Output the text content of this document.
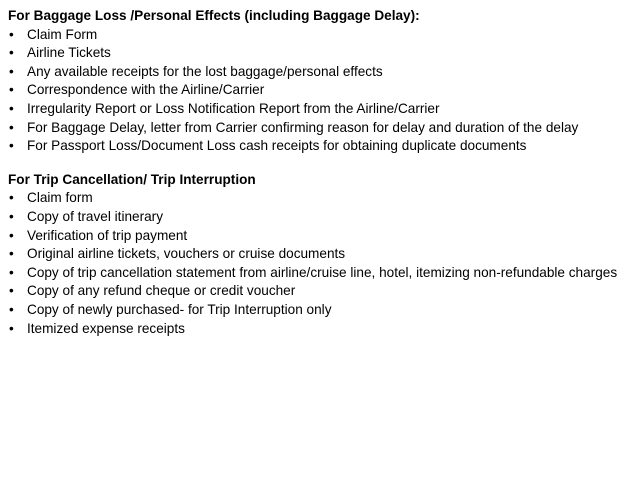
For Baggage Loss /Personal Effects (including Baggage Delay):
• Claim Form
• Airline Tickets
• Any available receipts for the lost baggage/personal effects
• Correspondence with the Airline/Carrier
• Irregularity Report or Loss Notification Report from the Airline/Carrier
• For Baggage Delay, letter from Carrier confirming reason for delay and duration of the delay
• For Passport Loss/Document Loss cash receipts for obtaining duplicate documents
For Trip Cancellation/ Trip Interruption
• Claim form
• Copy of travel itinerary
• Verification of trip payment
• Original airline tickets, vouchers or cruise documents
• Copy of trip cancellation statement from airline/cruise line, hotel, itemizing non-refundable charges
• Copy of any refund cheque or credit voucher
• Copy of newly purchased- for Trip Interruption only
• Itemized expense receipts
